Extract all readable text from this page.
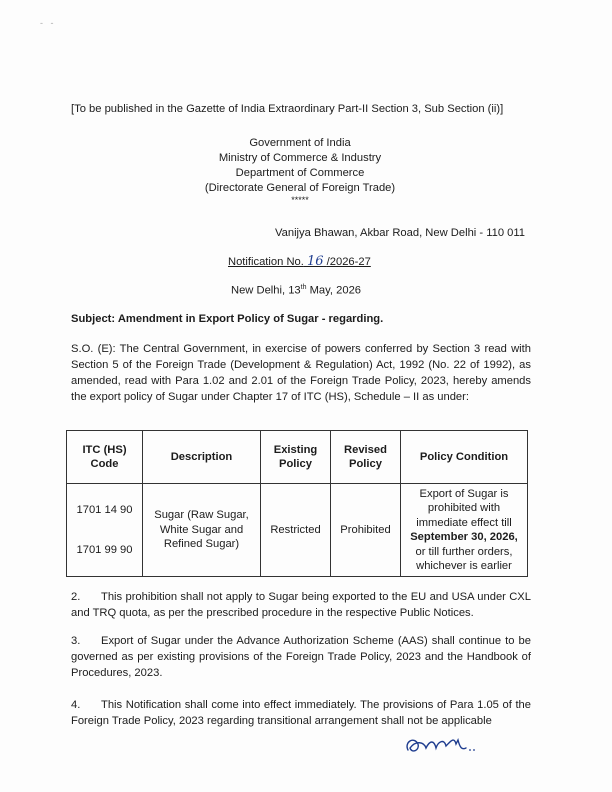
-   -
[To be published in the Gazette of India Extraordinary Part-II Section 3, Sub Section (ii)]
Government of India
Ministry of Commerce & Industry
Department of Commerce
(Directorate General of Foreign Trade)
*****
Vanijya Bhawan, Akbar Road, New Delhi - 110 011
Notification No. 16 /2026-27
New Delhi, 13th May, 2026
Subject: Amendment in Export Policy of Sugar - regarding.
S.O. (E): The Central Government, in exercise of powers conferred by Section 3 read with Section 5 of the Foreign Trade (Development & Regulation) Act, 1992 (No. 22 of 1992), as amended, read with Para 1.02 and 2.01 of the Foreign Trade Policy, 2023, hereby amends the export policy of Sugar under Chapter 17 of ITC (HS), Schedule – II as under:
ITC (HS) Code	Description	Existing Policy	Revised Policy	Policy Condition

1701 14 90
1701 99 90	Sugar (Raw Sugar, White Sugar and Refined Sugar)	Restricted	Prohibited	Export of Sugar is prohibited with immediate effect till September 30, 2026, or till further orders, whichever is earlier
2. This prohibition shall not apply to Sugar being exported to the EU and USA under CXL and TRQ quota, as per the prescribed procedure in the respective Public Notices.
3. Export of Sugar under the Advance Authorization Scheme (AAS) shall continue to be governed as per existing provisions of the Foreign Trade Policy, 2023 and the Handbook of Procedures, 2023.
4. This Notification shall come into effect immediately. The provisions of Para 1.05 of the Foreign Trade Policy, 2023 regarding transitional arrangement shall not be applicable
